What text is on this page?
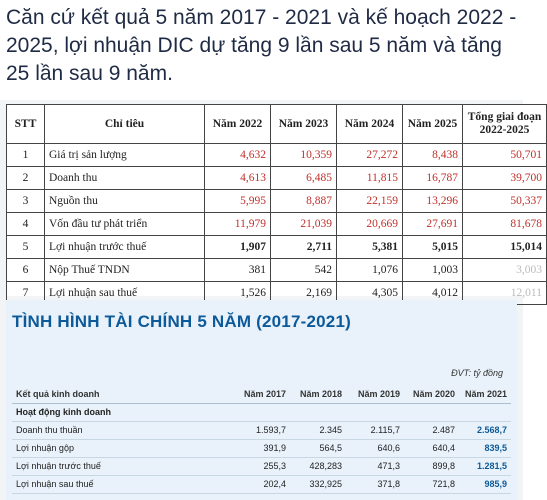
Căn cứ kết quả 5 năm 2017 - 2021 và kế hoạch 2022 - 2025, lợi nhuận DIC dự tăng 9 lần sau 5 năm và tăng 25 lần sau 9 năm.
STT	Chỉ tiêu	Năm 2022	Năm 2023	Năm 2024	Năm 2025	Tổng giai đoạn 2022-2025
1	Giá trị sản lượng	4,632	10,359	27,272	8,438	50,701
2	Doanh thu	4,613	6,485	11,815	16,787	39,700
3	Nguồn thu	5,995	8,887	22,159	13,296	50,337
4	Vốn đầu tư phát triển	11,979	21,039	20,669	27,691	81,678
5	Lợi nhuận trước thuế	1,907	2,711	5,381	5,015	15,014
6	Nộp Thuế TNDN	381	542	1,076	1,003	3,003
7	Lợi nhuận sau thuế	1,526	2,169	4,305	4,012	12,011
TÌNH HÌNH TÀI CHÍNH 5 NĂM (2017-2021)
ĐVT: tỷ đồng
Kết quả kinh doanh	Năm 2017	Năm 2018	Năm 2019	Năm 2020	Năm 2021
Hoạt động kinh doanh
Doanh thu thuần	1.593,7	2.345	2.115,7	2.487	2.568,7
Lợi nhuận gộp	391,9	564,5	640,6	640,4	839,5
Lợi nhuận trước thuế	255,3	428,283	471,3	899,8	1.281,5
Lợi nhuận sau thuế	202,4	332,925	371,8	721,8	985,9
